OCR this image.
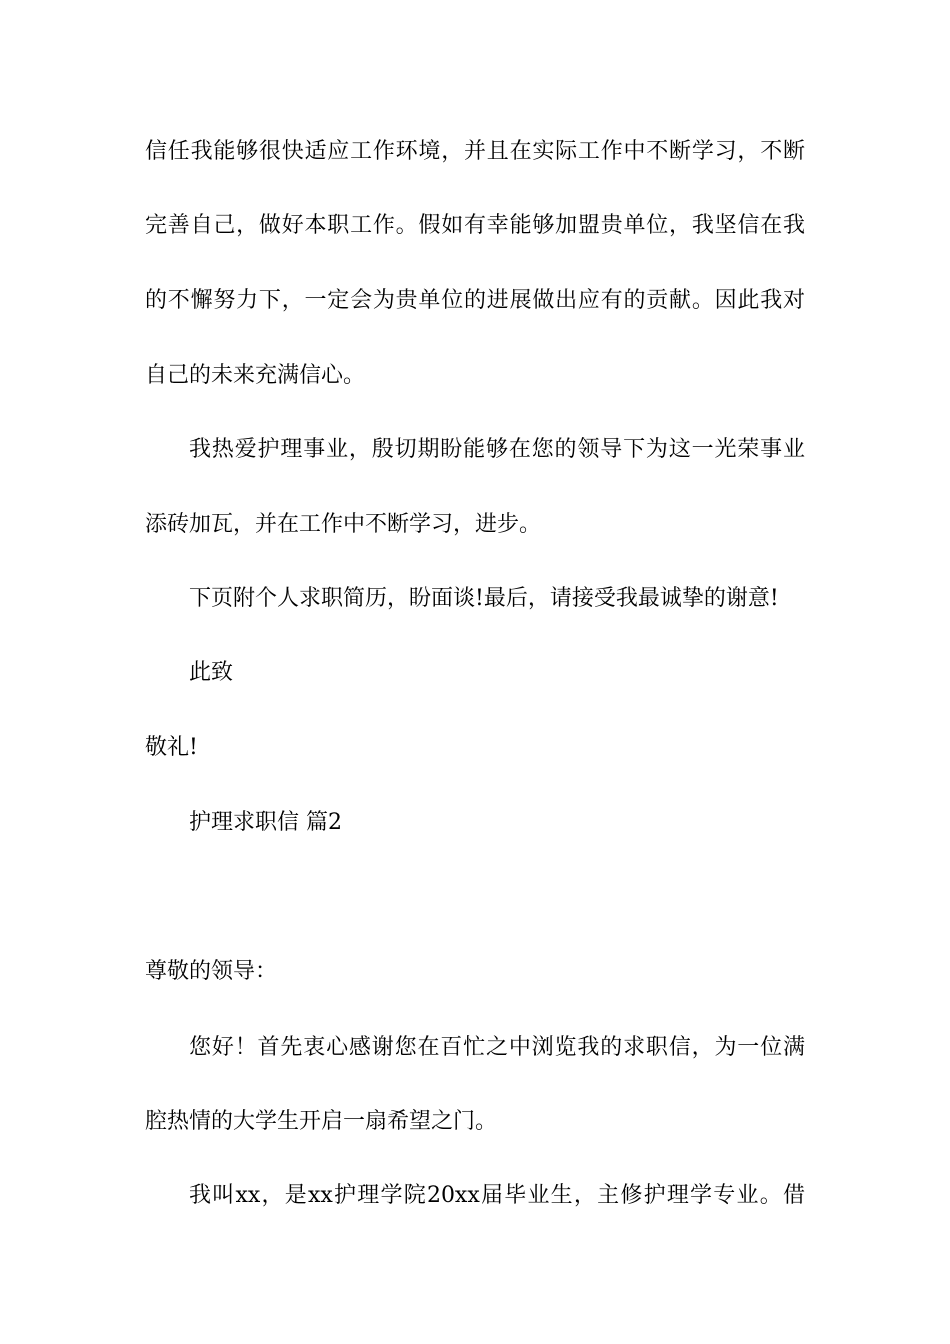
信任我能够很快适应工作环境，并且在实际工作中不断学习，不断
完善自己，做好本职工作。假如有幸能够加盟贵单位，我坚信在我
的不懈努力下，一定会为贵单位的进展做出应有的贡献。因此我对
自己的未来充满信心。
我热爱护理事业，殷切期盼能够在您的领导下为这一光荣事业
添砖加瓦，并在工作中不断学习，进步。
下页附个人求职简历，盼面谈!最后，请接受我最诚挚的谢意!
此致
敬礼!
护理求职信 篇2
尊敬的领导：
您好！首先衷心感谢您在百忙之中浏览我的求职信，为一位满
腔热情的大学生开启一扇希望之门。
我叫xx，是xx护理学院20xx届毕业生，主修护理学专业。借
